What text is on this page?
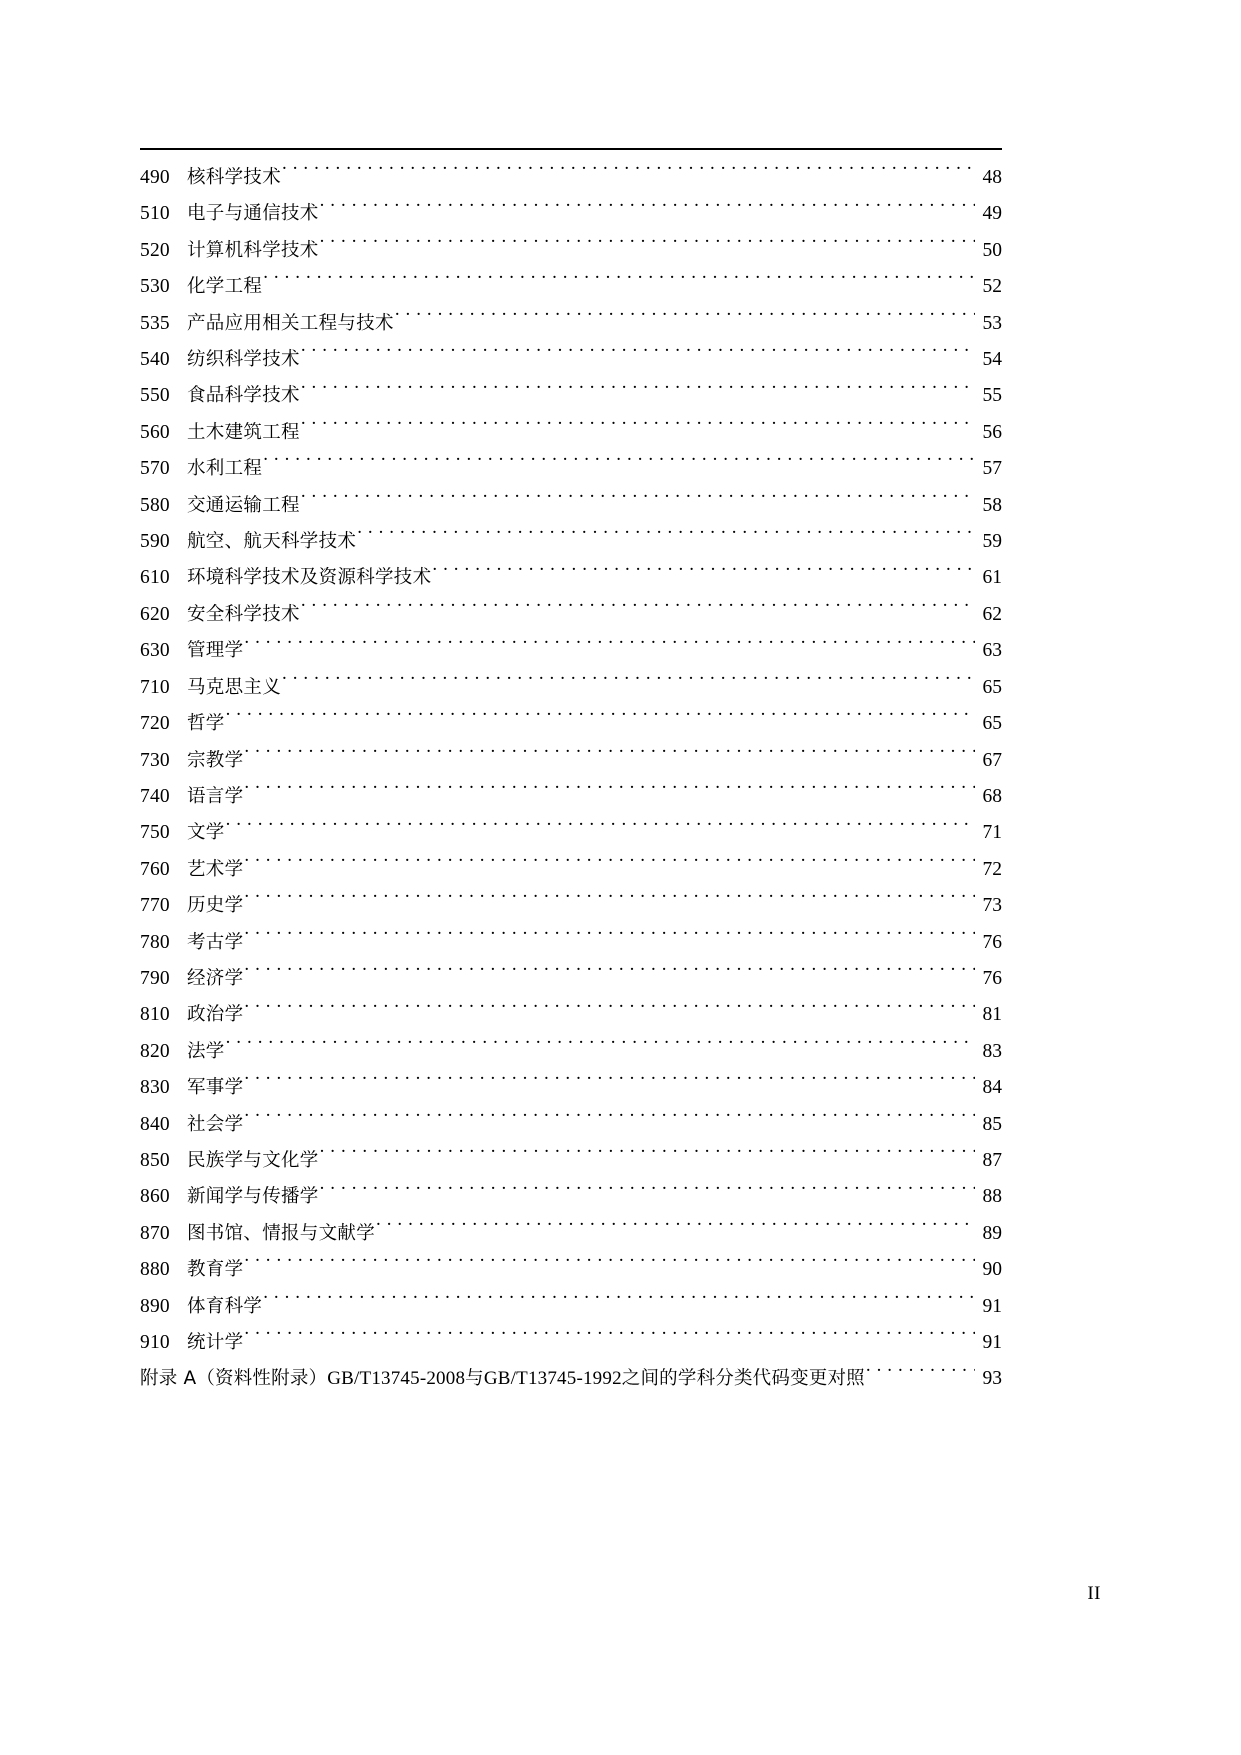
490 核科学技术 . . .	48
510 电子与通信技术 . . .	49
520 计算机科学技术 . . .	50
530 化学工程 . . .	52
535 产品应用相关工程与技术 . . .	53
540 纺织科学技术 . . .	54
550 食品科学技术 . . .	55
560 土木建筑工程 . . .	56
570 水利工程 . . .	57
580 交通运输工程 . . .	58
590 航空、航天科学技术 . . .	59
610 环境科学技术及资源科学技术 . . .	61
620 安全科学技术 . . .	62
630 管理学 . . .	63
710 马克思主义 . . .	65
720 哲学 . . .	65
730 宗教学 . . .	67
740 语言学 . . .	68
750 文学 . . .	71
760 艺术学 . . .	72
770 历史学 . . .	73
780 考古学 . . .	76
790 经济学 . . .	76
810 政治学 . . .	81
820 法学 . . .	83
830 军事学 . . .	84
840 社会学 . . .	85
850 民族学与文化学 . . .	87
860 新闻学与传播学 . . .	88
870 图书馆、情报与文献学 . . .	89
880 教育学 . . .	90
890 体育科学 . . .	91
910 统计学 . . .	91
附录 A（资料性附录）GB/T13745-2008与GB/T13745-1992之间的学科分类代码变更对照 . . .	93
II
